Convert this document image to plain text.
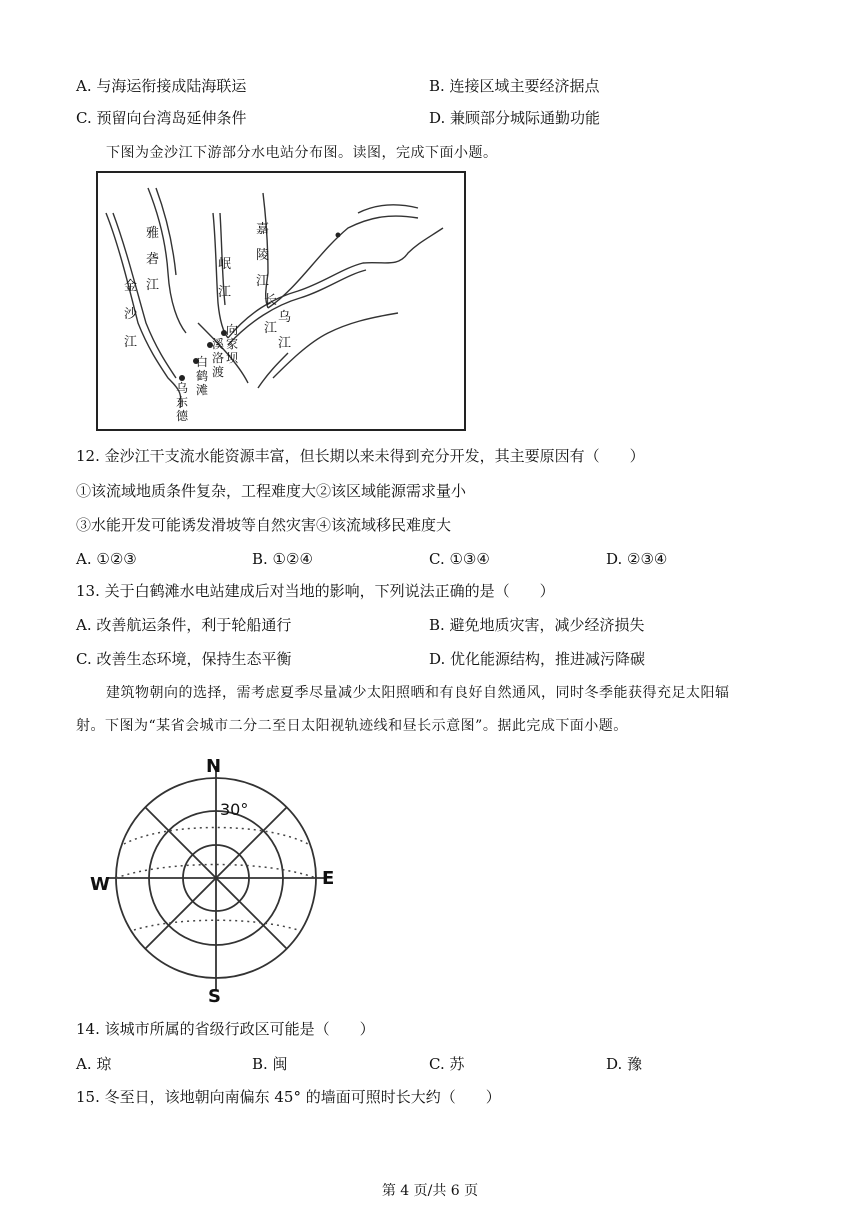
A. 与海运衔接成陆海联运	B. 连接区域主要经济据点
C. 预留向台湾岛延伸条件	D. 兼顾部分城际通勤功能
下图为金沙江下游部分水电站分布图。读图，完成下面小题。
雅砻江
金沙江
岷江
嘉陵江
长江
乌江
向家坝
溪洛渡
白鹤滩
乌东德
12. 金沙江干支流水能资源丰富，但长期以来未得到充分开发，其主要原因有（　　）
①该流域地质条件复杂，工程难度大②该区域能源需求量小
③水能开发可能诱发滑坡等自然灾害④该流域移民难度大
A. ①②③	B. ①②④	C. ①③④	D. ②③④
13. 关于白鹤滩水电站建成后对当地的影响，下列说法正确的是（　　）
A. 改善航运条件，利于轮船通行	B. 避免地质灾害，减少经济损失
C. 改善生态环境，保持生态平衡	D. 优化能源结构，推进减污降碳
建筑物朝向的选择，需考虑夏季尽量减少太阳照晒和有良好自然通风，同时冬季能获得充足太阳辐
射。下图为“某省会城市二分二至日太阳视轨迹线和昼长示意图”。据此完成下面小题。
N
S
E
W
30°
14. 该城市所属的省级行政区可能是（　　）
A. 琼	B. 闽	C. 苏	D. 豫
15. 冬至日，该地朝向南偏东 45° 的墙面可照时长大约（　　）
第 4 页/共 6 页
